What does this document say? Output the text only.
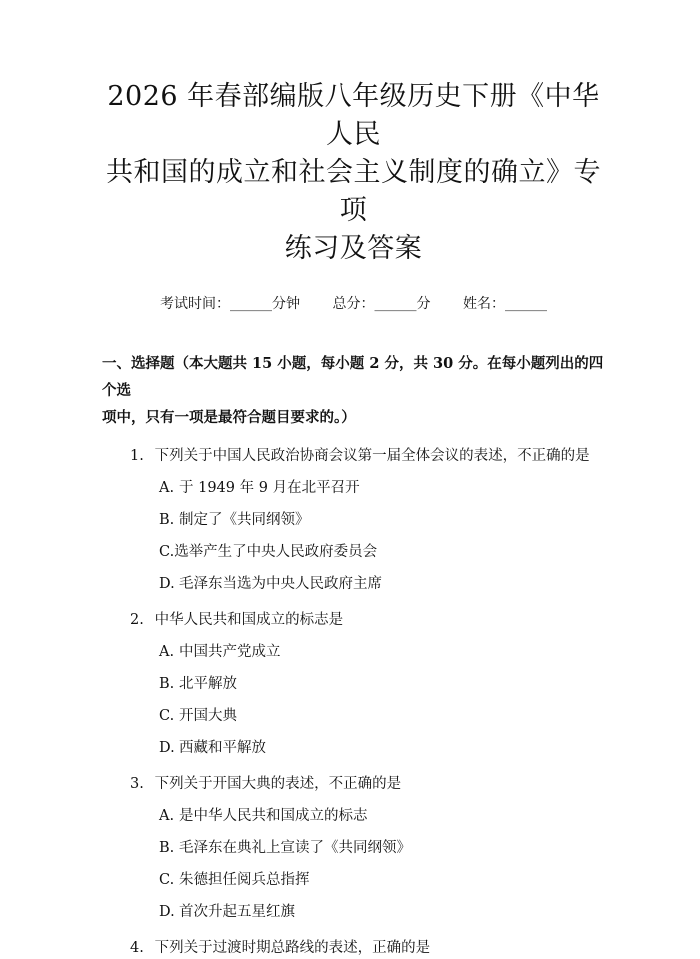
2026 年春部编版八年级历史下册《中华人民
共和国的成立和社会主义制度的确立》专项
练习及答案
考试时间：______分钟 总分：______分 姓名：______
一、选择题（本大题共 15 小题，每小题 2 分，共 30 分。在每小题列出的四个选
项中，只有一项是最符合题目要求的。）
1. 下列关于中国人民政治协商会议第一届全体会议的表述，不正确的是
A. 于 1949 年 9 月在北平召开
B. 制定了《共同纲领》
C.选举产生了中央人民政府委员会
D. 毛泽东当选为中央人民政府主席
2. 中华人民共和国成立的标志是
A. 中国共产党成立
B. 北平解放
C. 开国大典
D. 西藏和平解放
3. 下列关于开国大典的表述，不正确的是
A. 是中华人民共和国成立的标志
B. 毛泽东在典礼上宣读了《共同纲领》
C. 朱德担任阅兵总指挥
D. 首次升起五星红旗
4. 下列关于过渡时期总路线的表述，正确的是
